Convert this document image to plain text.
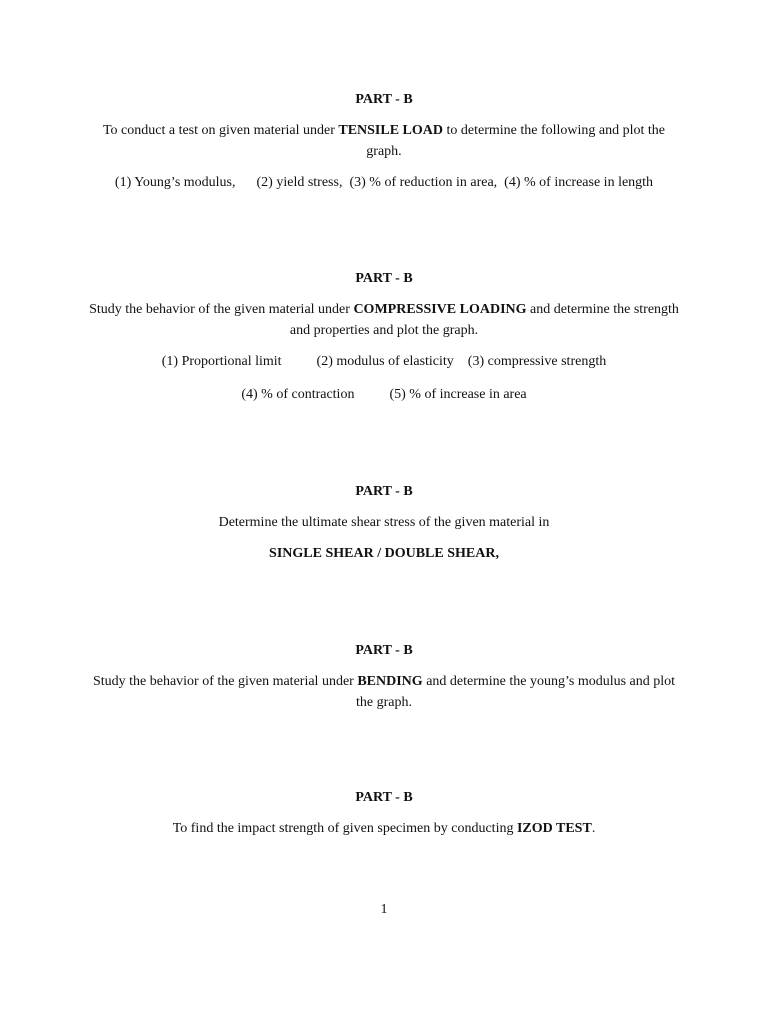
PART - B

To conduct a test on given material under TENSILE LOAD to determine the following and plot the graph.

(1) Young’s modulus, (2) yield stress, (3) % of reduction in area, (4) % of increase in length

PART - B

Study the behavior of the given material under COMPRESSIVE LOADING and determine the strength and properties and plot the graph.

(1) Proportional limit	(2) modulus of elasticity (3) compressive strength

(4) % of contraction	(5) % of increase in area

PART - B

Determine the ultimate shear stress of the given material in

SINGLE SHEAR / DOUBLE SHEAR,

PART - B

Study the behavior of the given material under BENDING and determine the young’s modulus and plot the graph.

PART - B

To find the impact strength of given specimen by conducting IZOD TEST.

1
